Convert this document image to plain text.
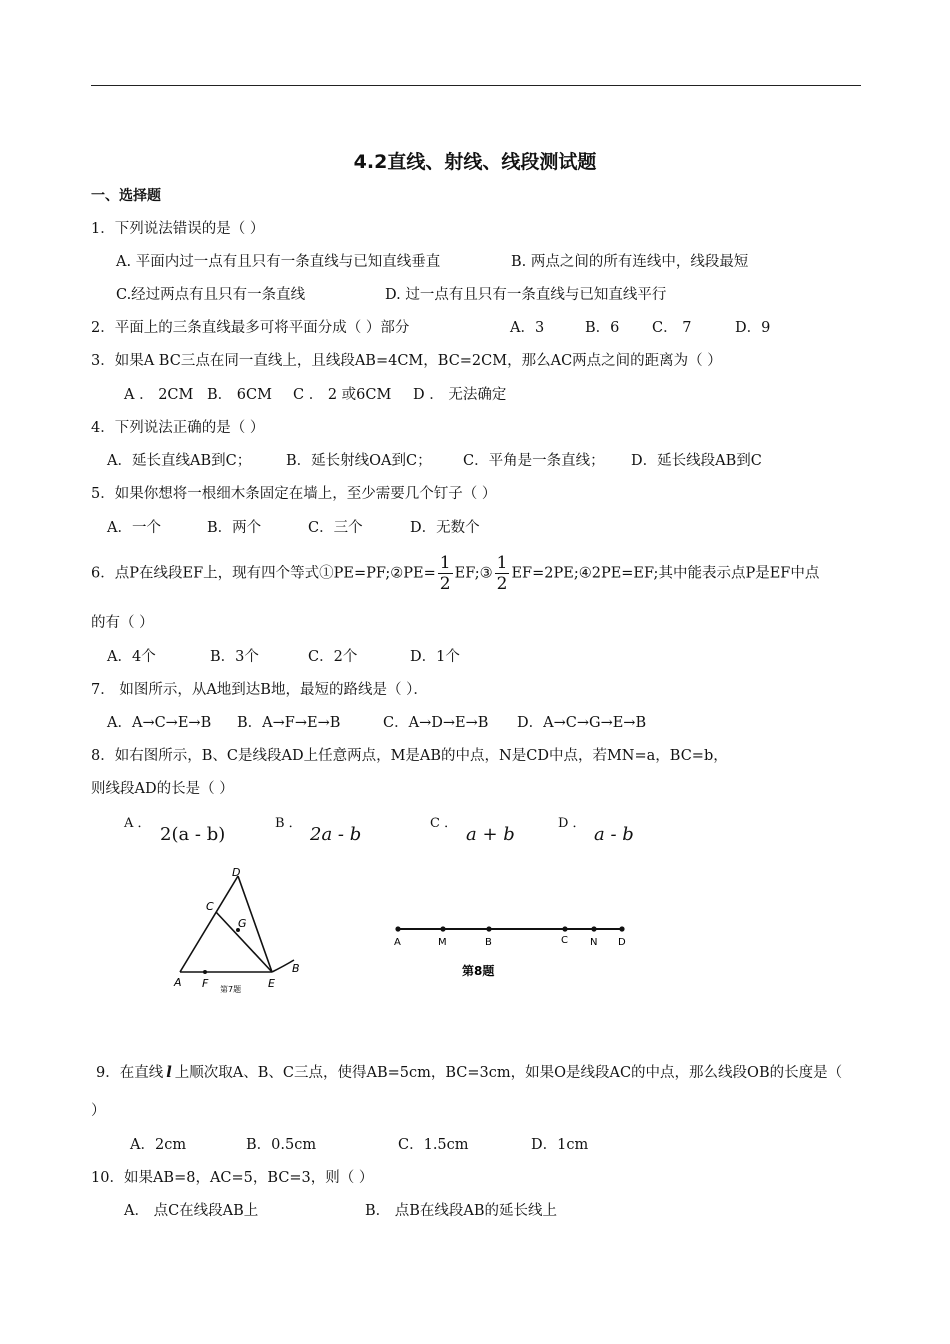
4.2直线、射线、线段测试题
一、选择题
1．下列说法错误的是（ ）
A. 平面内过一点有且只有一条直线与已知直线垂直	B. 两点之间的所有连线中，线段最短
C.经过两点有且只有一条直线	D. 过一点有且只有一条直线与已知直线平行
2．平面上的三条直线最多可将平面分成（ ）部分	A．3	B．6 C． 7	D．9
3．如果A BC三点在同一直线上，且线段AB=4CM，BC=2CM，那么AC两点之间的距离为（ ）
A ． 2CM B． 6CM C ． 2 或6CM D ． 无法确定
4．下列说法正确的是（ ）
A．延长直线AB到C； B．延长射线OA到C； C．平角是一条直线； D．延长线段AB到C
5．如果你想将一根细木条固定在墙上，至少需要几个钉子（ ）
A．一个	B．两个	C．三个	D．无数个
6．点P在线段EF上，现有四个等式①PE=PF;②PE= $\frac{1}{2}$ EF;③ $\frac{1}{2}$ EF=2PE;④2PE=EF;其中能表示点P是EF中点
的有（ ）
A．4个	B．3个	C．2个	D．1个
7． 如图所示，从A地到达B地，最短的路线是（ ）．
A．A→C→E→B B．A→F→E→B	C．A→D→E→B D．A→C→G→E→B
8．如右图所示，B、C是线段AD上任意两点，M是AB的中点，N是CD中点，若MN=a，BC=b，
则线段AD的长是（ ）
A ．
2(a - b)
B ．
2a - b
C ．
a + b
D ．
a - b
A F	E
B
C
D
G
第7题
A	M	B	C N D
第8题
9．在直线 l 上顺次取A、B、C三点，使得AB=5cm，BC=3cm，如果O是线段AC的中点，那么线段OB的长度是（
）
A．2cm	B．0.5cm	C．1.5cm	D．1cm
10．如果AB=8，AC=5，BC=3，则（ ）
A． 点C在线段AB上	B． 点B在线段AB的延长线上
